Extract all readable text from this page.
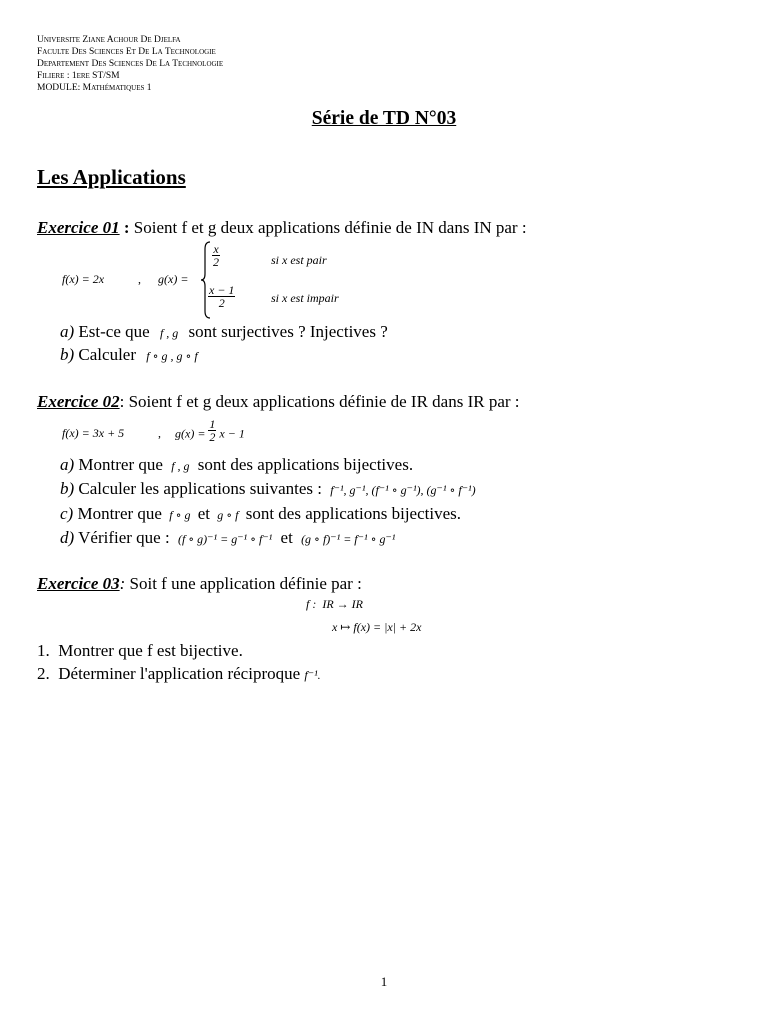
Universite Ziane Achour De Djelfa
Faculte Des Sciences Et De La Technologie
Departement Des Sciences De La Technologie
Filiere : 1ere ST/SM
MODULE: Mathématiques 1
Série de TD N°03
Les Applications
Exercice 01 : Soient f et g deux applications définie de IN dans IN par :
f(x) = 2x	, g(x) =
$\frac{x}{2}$	si x est pair
$\frac{x - 1}{2}$	si x est impair
a) Est-ce que f , g sont surjectives ? Injectives ?
b) Calculer f ∘ g , g ∘ f
Exercice 02: Soient f et g deux applications définie de IR dans IR par :
f(x) = 3x + 5	, $g(x) = \frac{1}{2}$ x − 1
a) Montrer que f , g sont des applications bijectives.
b) Calculer les applications suivantes : f⁻¹, g⁻¹, (f⁻¹ ∘ g⁻¹), (g⁻¹ ∘ f⁻¹)
c) Montrer que f ∘ g et g ∘ f sont des applications bijectives.
d) Vérifier que : (f ∘ g)⁻¹ = g⁻¹ ∘ f⁻¹ et (g ∘ f)⁻¹ = f⁻¹ ∘ g⁻¹
Exercice 03: Soit f une application définie par :
f :  IR → IR
x ↦ f(x) = |x| + 2x
1. Montrer que f est bijective.
2. Déterminer l'application réciproque f⁻¹.
1
